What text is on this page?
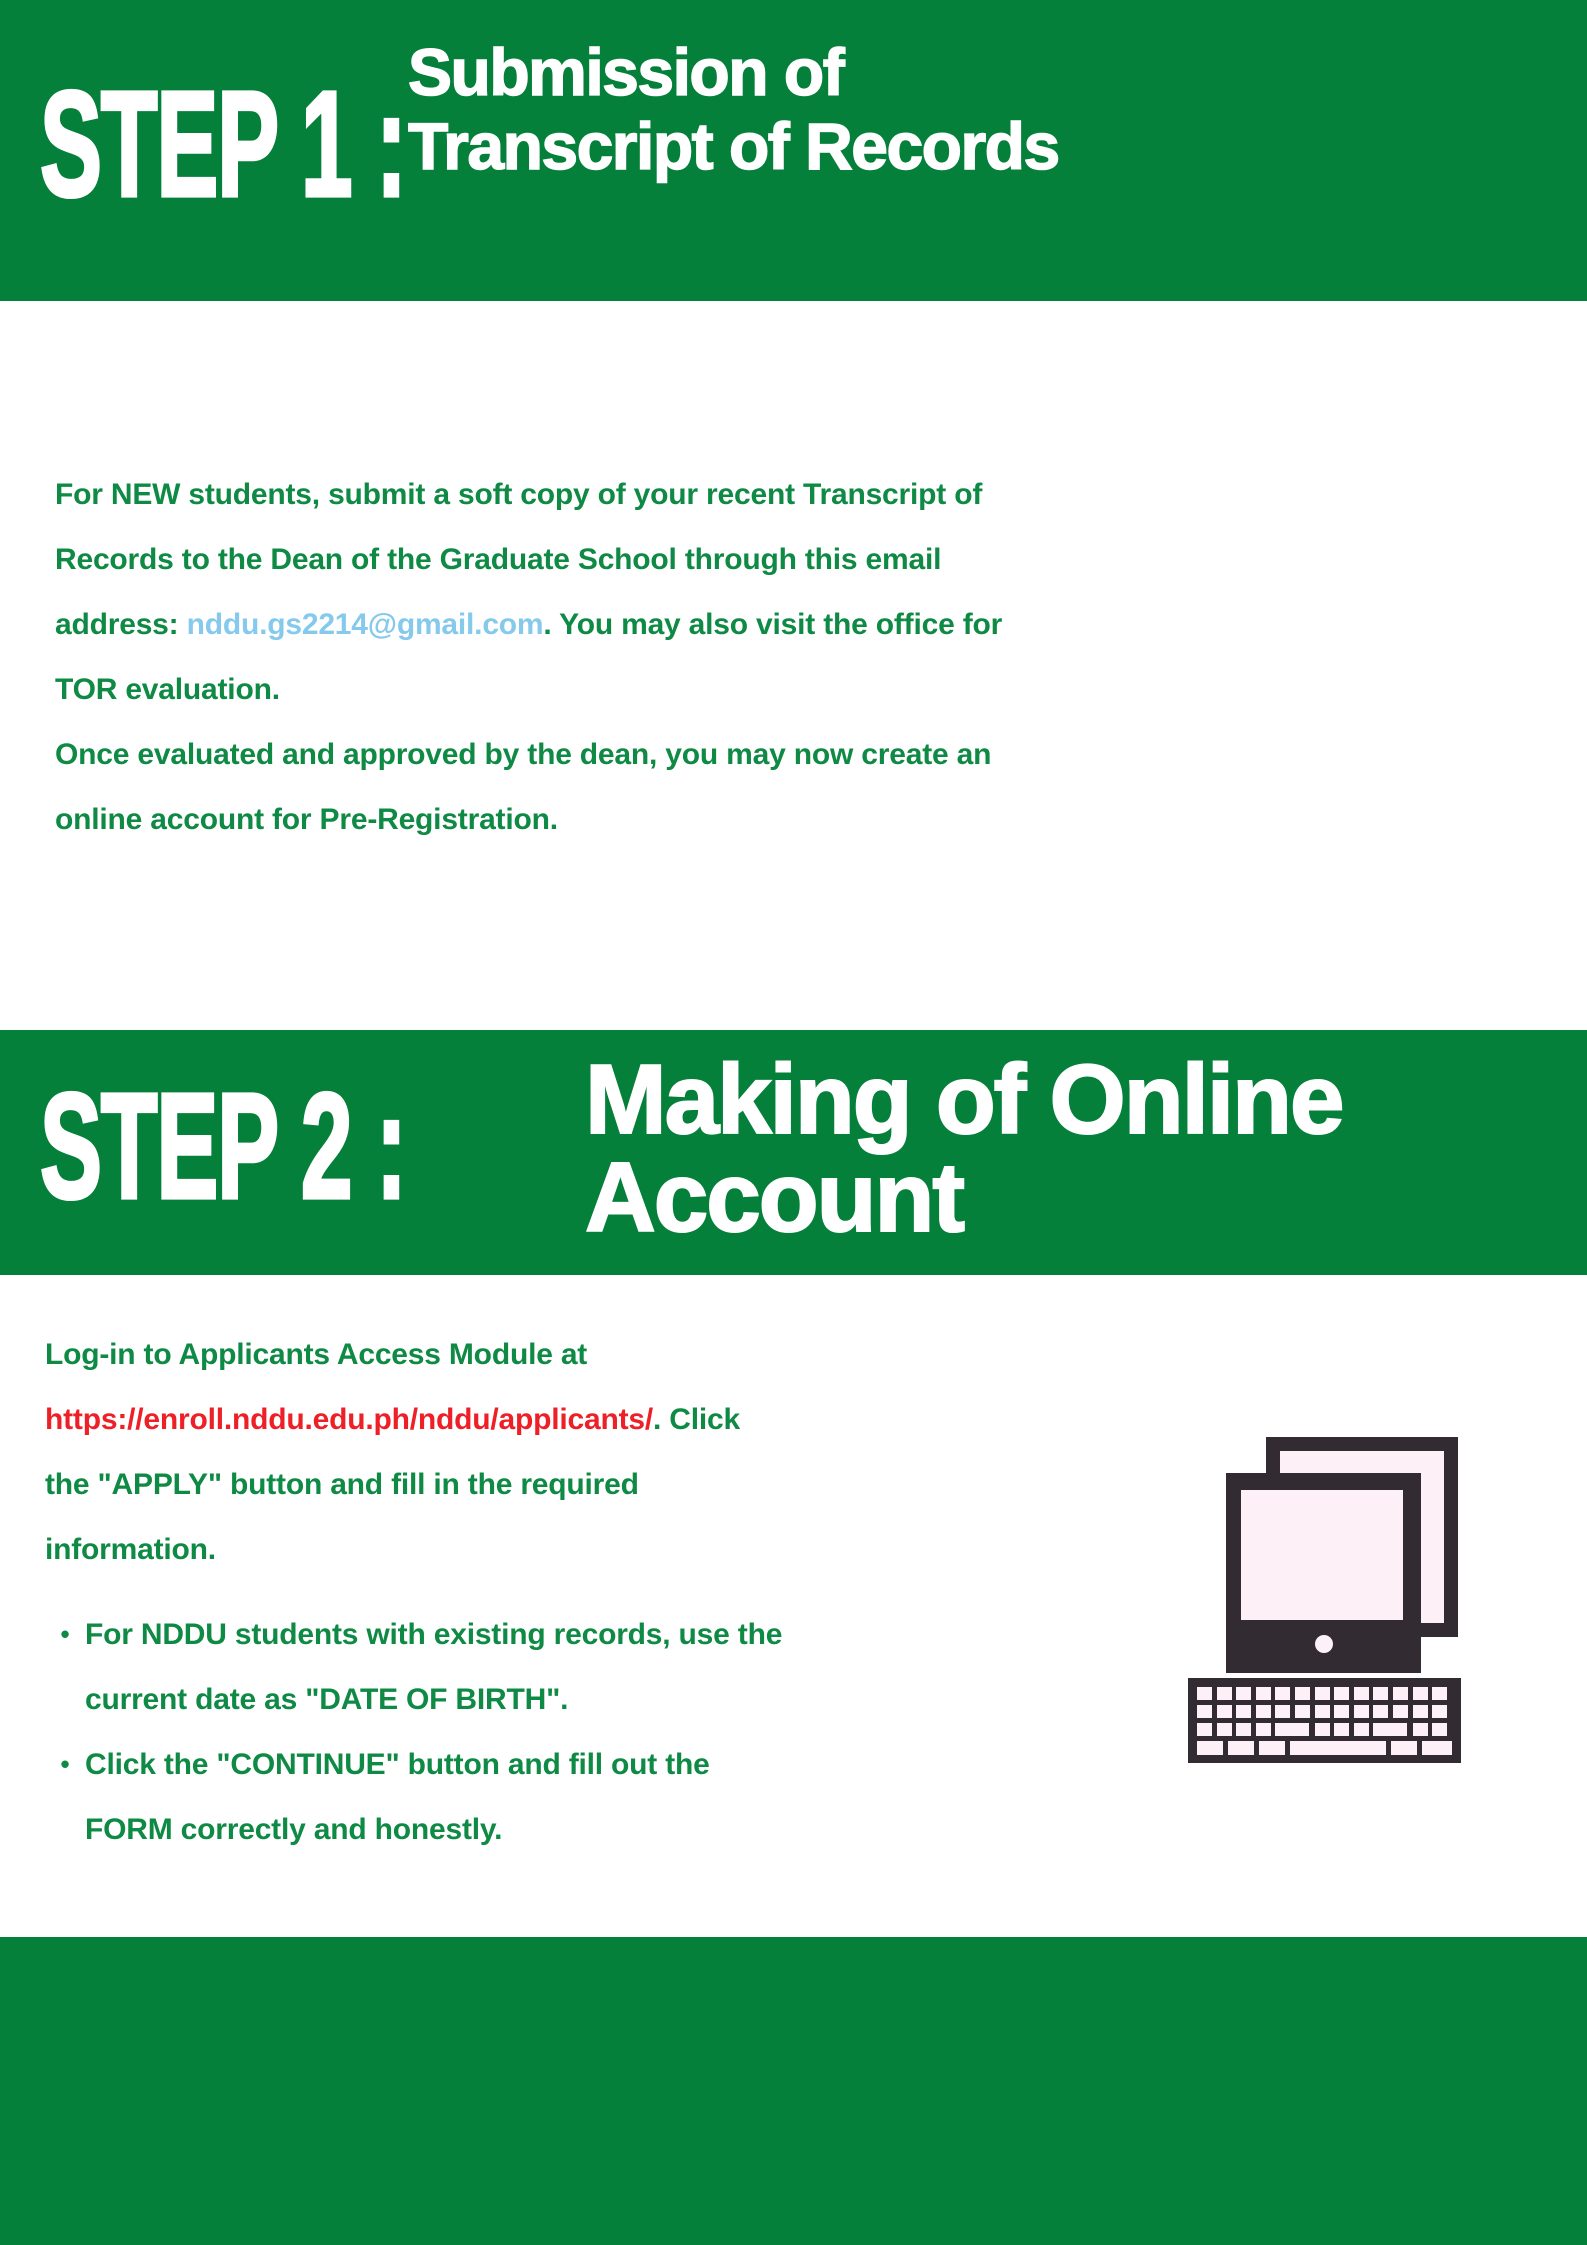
STEP 1 : Submission of
Transcript of Records
For NEW students, submit a soft copy of your recent Transcript of
Records to the Dean of the Graduate School through this email
address: nddu.gs2214@gmail.com. You may also visit the office for
TOR evaluation.
Once evaluated and approved by the dean, you may now create an
online account for Pre-Registration.
STEP 2 : Making of Online
Account
Log-in to Applicants Access Module at
https://enroll.nddu.edu.ph/nddu/applicants/. Click
the "APPLY" button and fill in the required
information.
• For NDDU students with existing records, use the
current date as "DATE OF BIRTH".
• Click the "CONTINUE" button and fill out the
FORM correctly and honestly.
